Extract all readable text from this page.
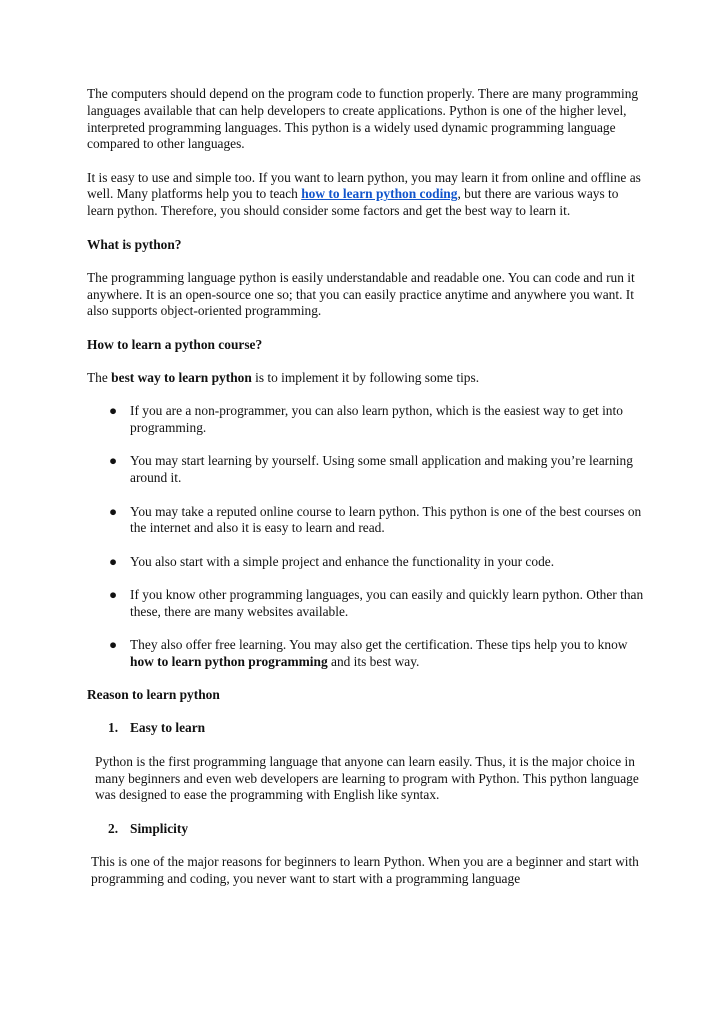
The computers should depend on the program code to function properly. There are many programming languages available that can help developers to create applications. Python is one of the higher level, interpreted programming languages. This python is a widely used dynamic programming language compared to other languages.

It is easy to use and simple too. If you want to learn python, you may learn it from online and offline as well. Many platforms help you to teach how to learn python coding, but there are various ways to learn python. Therefore, you should consider some factors and get the best way to learn it.

What is python?

The programming language python is easily understandable and readable one. You can code and run it anywhere. It is an open-source one so; that you can easily practice anytime and anywhere you want. It also supports object-oriented programming.

How to learn a python course?

The best way to learn python is to implement it by following some tips.

● If you are a non-programmer, you can also learn python, which is the easiest way to get into programming.
● You may start learning by yourself. Using some small application and making you’re learning around it.
● You may take a reputed online course to learn python. This python is one of the best courses on the internet and also it is easy to learn and read.
● You also start with a simple project and enhance the functionality in your code.
● If you know other programming languages, you can easily and quickly learn python. Other than these, there are many websites available.
● They also offer free learning. You may also get the certification. These tips help you to know how to learn python programming and its best way.

Reason to learn python

1. Easy to learn

Python is the first programming language that anyone can learn easily. Thus, it is the major choice in many beginners and even web developers are learning to program with Python. This python language was designed to ease the programming with English like syntax.

2. Simplicity

This is one of the major reasons for beginners to learn Python. When you are a beginner and start with programming and coding, you never want to start with a programming language
